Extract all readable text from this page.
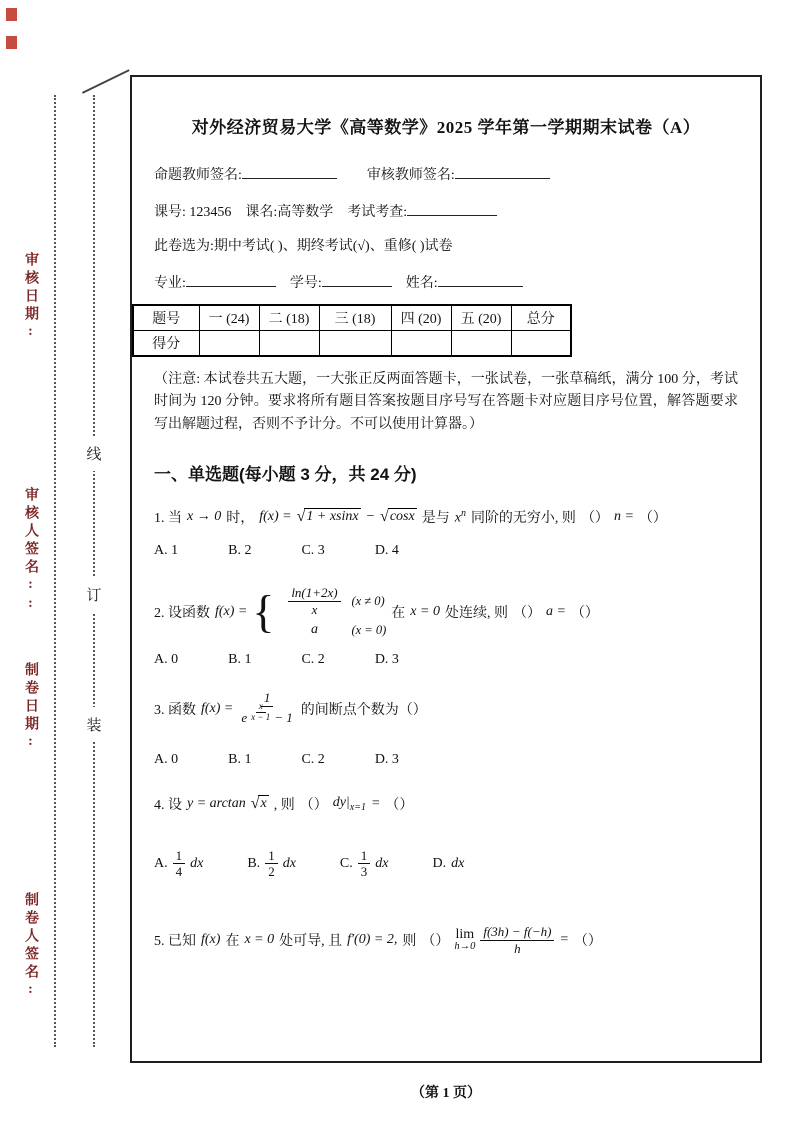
审核日期:
审核人签名::
制卷日期:
制卷人签名:
线
订
装
对外经济贸易大学《高等数学》2025 学年第一学期期末试卷（A）
命题教师签名:	审核教师签名:
课号: 123456 课名:高等数学 考试考查:
此卷选为:期中考试( )、期终考试(√)、重修( )试卷
专业:	学号:	姓名:
题号	一 (24)	二 (18)	三 (18)	四 (20)	五 (20)	总分
得分						

（注意: 本试卷共五大题，一大张正反两面答题卡，一张试卷，一张草稿纸，满分 100 分，考试时间为 120 分钟。要求将所有题目答案按题目序号写在答题卡对应题目序号位置，解答题要求写出解题过程，否则不予计分。不可以使用计算器。）

一、单选题(每小题 3 分，共 24 分)
1. 当 x → 0 时， f(x) = √ 1 + xsinx − √ cosx 是与 $x^n$ 同阶的无穷小, 则 （） n = （）
A. 1	B. 2	C. 3	D. 4
2. 设函数 f(x) = { $\frac{\ln(1+2x)}{x} (x \ne 0)$
a	(x = 0)
在 x = 0 处连续, 则 （） a = （）
A. 0	B. 1	C. 2	D. 3
3. 函数 $f(x) = \frac{1}{e \frac{x}{x - 1} - 1}$ 的间断点个数为（）
A. 0	B. 1	C. 2	D. 3
4. 设 y = arctan √ x , 则 （） $dy|_{x=1}$ = （）
A. $\frac{1}{4}$ dx	B. $\frac{1}{2}$ dx	C. $\frac{1}{3}$ dx	D. dx
5. 已知 f(x) 在 x = 0 处可导, 且 f′(0) = 2, 则 （） lim
$h\to 0 \frac{f(3h) - f(-h)}{h}$ = （）
（第 1 页）
